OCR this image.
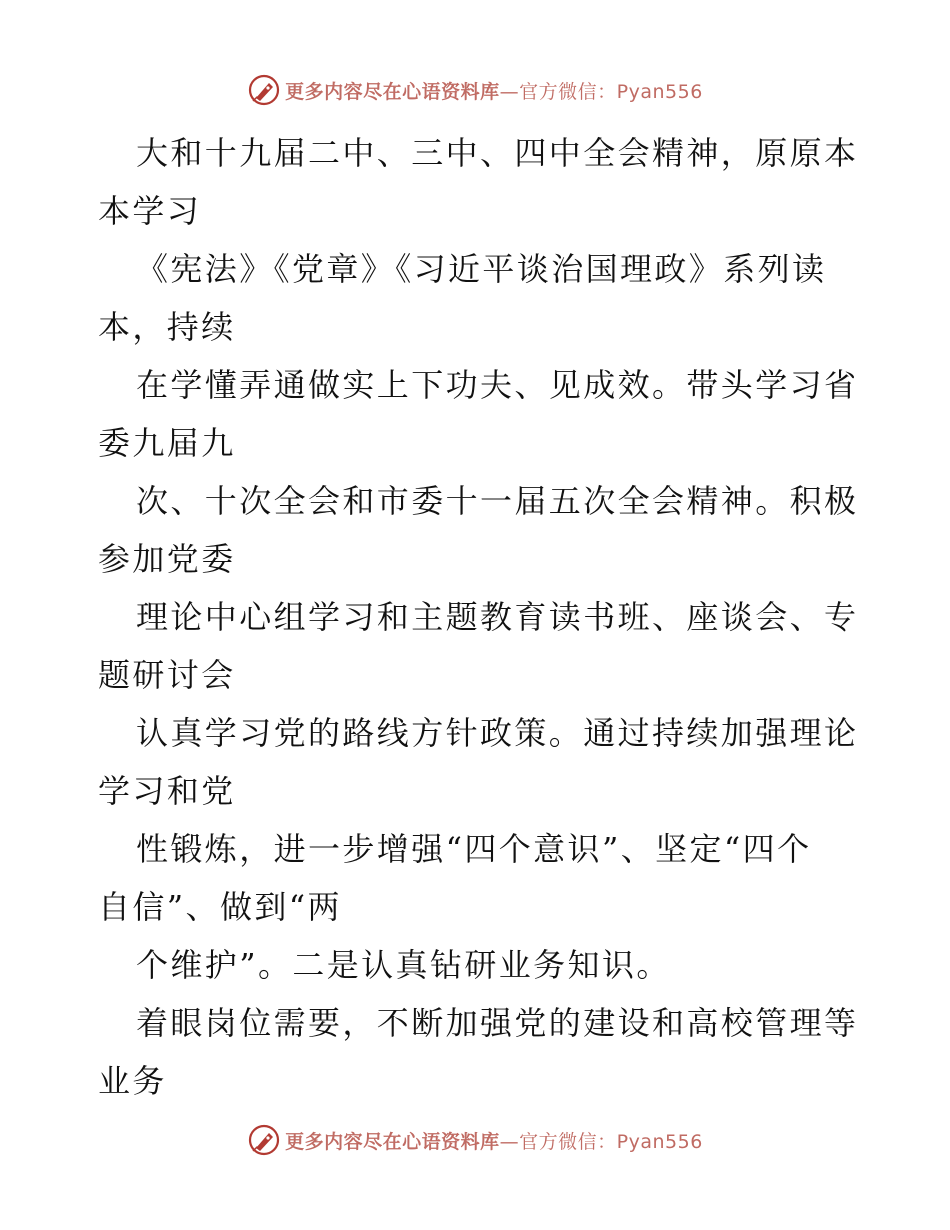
更多内容尽在心语资料库—官方微信：Pyan556
大和十九届二中、三中、四中全会精神，原原本
本学习
《宪法》《党章》《习近平谈治国理政》系列读
本，持续
在学懂弄通做实上下功夫、见成效。带头学习省
委九届九
次、十次全会和市委十一届五次全会精神。积极
参加党委
理论中心组学习和主题教育读书班、座谈会、专
题研讨会
认真学习党的路线方针政策。通过持续加强理论
学习和党
性锻炼，进一步增强“四个意识”、坚定“四个
自信”、做到“两
个维护”。二是认真钻研业务知识。
着眼岗位需要，不断加强党的建设和高校管理等
业务
更多内容尽在心语资料库—官方微信：Pyan556
